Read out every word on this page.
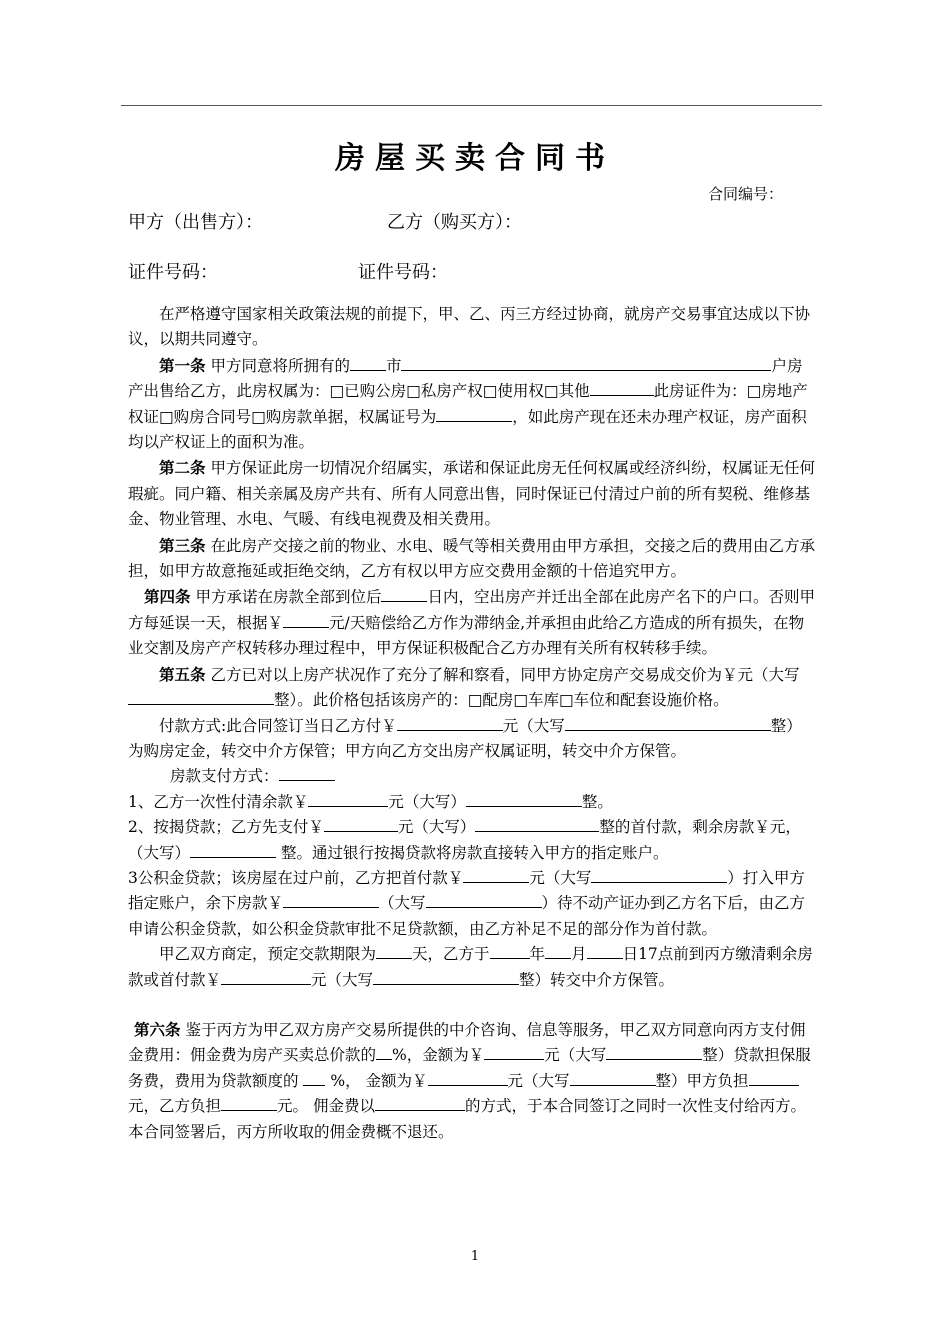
房屋买卖合同书
合同编号：
甲方（出售方）：	乙方（购买方）：
证件号码：	证件号码：

在严格遵守国家相关政策法规的前提下，甲、乙、丙三方经过协商，就房产交易事宜达成以下协议，以期共同遵守。

第一条 甲方同意将所拥有的 市	户房产出售给乙方，此房权属为：□已购公房□私房产权□使用权□其他	此房证件为：□房地产权证□购房合同号□购房款单据，权属证号为	，如此房产现在还未办理产权证，房产面积均以产权证上的面积为准。

第二条 甲方保证此房一切情况介绍属实，承诺和保证此房无任何权属或经济纠纷，权属证无任何瑕疵。同户籍、相关亲属及房产共有、所有人同意出售，同时保证已付清过户前的所有契税、维修基金、物业管理、水电、气暖、有线电视费及相关费用。

第三条 在此房产交接之前的物业、水电、暖气等相关费用由甲方承担，交接之后的费用由乙方承担，如甲方故意拖延或拒绝交纳，乙方有权以甲方应交费用金额的十倍追究甲方。

第四条 甲方承诺在房款全部到位后	日内，空出房产并迁出全部在此房产名下的户口。否则甲方每延误一天，根据￥	元/天赔偿给乙方作为滞纳金,并承担由此给乙方造成的所有损失，在物业交割及房产产权转移办理过程中，甲方保证积极配合乙方办理有关所有权转移手续。

第五条 乙方已对以上房产状况作了充分了解和察看，同甲方协定房产交易成交价为￥元（大写整）。此价格包括该房产的：□配房□车库□车位和配套设施价格。

付款方式:此合同签订当日乙方付￥	元（大写	整）为购房定金，转交中介方保管；甲方向乙方交出房产权属证明，转交中介方保管。

房款支付方式：

1、乙方一次性付清余款￥	元（大写）	整。

2、按揭贷款；乙方先支付￥	元（大写）	整的首付款，剩余房款￥元，（大写）	整。通过银行按揭贷款将房款直接转入甲方的指定账户。

3公积金贷款；该房屋在过户前，乙方把首付款￥	元（大写	）打入甲方指定账户，余下房款￥	（大写	）待不动产证办到乙方名下后，由乙方申请公积金贷款，如公积金贷款审批不足贷款额，由乙方补足不足的部分作为首付款。

甲乙双方商定，预定交款期限为 天，乙方于	年 月 日17点前到丙方缴清剩余房款或首付款￥	元（大写	整）转交中介方保管。

第六条 鉴于丙方为甲乙双方房产交易所提供的中介咨询、信息等服务，甲乙双方同意向丙方支付佣金费用：佣金费为房产买卖总价款的 %，金额为￥	元（大写	整）贷款担保服务费，费用为贷款额度的  %， 金额为￥	元（大写	整）甲方负担元，乙方负担	元。 佣金费以	的方式，于本合同签订之同时一次性支付给丙方。本合同签署后，丙方所收取的佣金费概不退还。

1
